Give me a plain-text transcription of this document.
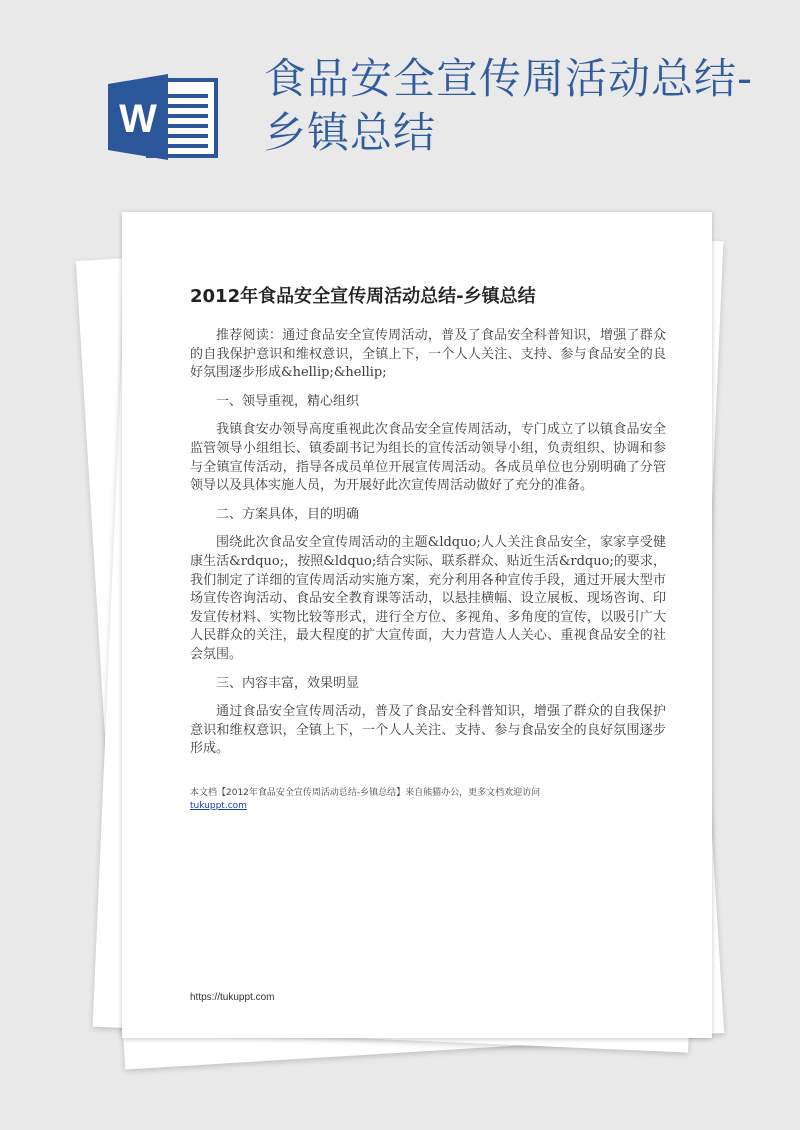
W
食品安全宣传周活动总结-乡镇总结
2012年食品安全宣传周活动总结-乡镇总结

推荐阅读：通过食品安全宣传周活动，普及了食品安全科普知识，增强了群众的自我保护意识和维权意识，全镇上下，一个人人关注、支持、参与食品安全的良好氛围逐步形成&hellip;&hellip;

一、领导重视，精心组织

我镇食安办领导高度重视此次食品安全宣传周活动，专门成立了以镇食品安全监管领导小组组长、镇委副书记为组长的宣传活动领导小组，负责组织、协调和参与全镇宣传活动，指导各成员单位开展宣传周活动。各成员单位也分别明确了分管领导以及具体实施人员，为开展好此次宣传周活动做好了充分的准备。

二、方案具体，目的明确

围绕此次食品安全宣传周活动的主题&ldquo;人人关注食品安全，家家享受健康生活&rdquo;，按照&ldquo;结合实际、联系群众、贴近生活&rdquo;的要求，我们制定了详细的宣传周活动实施方案，充分利用各种宣传手段，通过开展大型市场宣传咨询活动、食品安全教育课等活动，以悬挂横幅、设立展板、现场咨询、印发宣传材料、实物比较等形式，进行全方位、多视角、多角度的宣传，以吸引广大人民群众的关注，最大程度的扩大宣传面，大力营造人人关心、重视食品安全的社会氛围。

三、内容丰富，效果明显

通过食品安全宣传周活动，普及了食品安全科普知识，增强了群众的自我保护意识和维权意识，全镇上下，一个人人关注、支持、参与食品安全的良好氛围逐步形成。

本文档【2012年食品安全宣传周活动总结-乡镇总结】来自熊猫办公，更多文档欢迎访问
tukuppt.com
https://tukuppt.com
